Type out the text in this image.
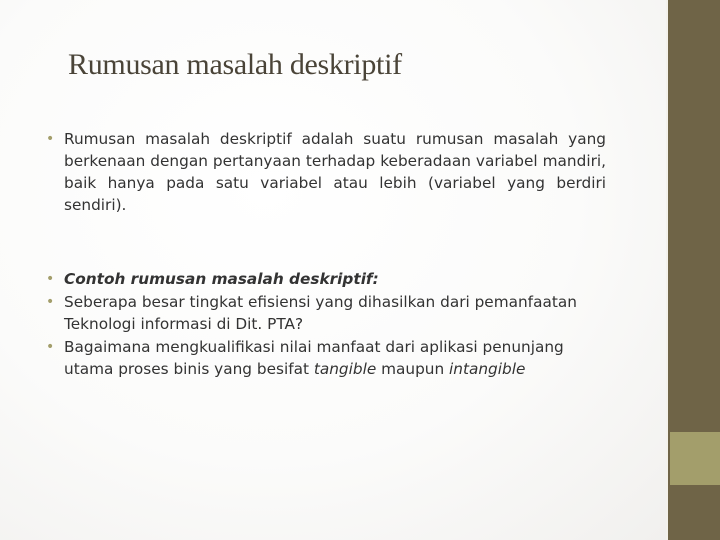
Rumusan masalah deskriptif

• Rumusan masalah deskriptif adalah suatu rumusan masalah yang berkenaan dengan pertanyaan terhadap keberadaan variabel mandiri, baik hanya pada satu variabel atau lebih (variabel yang berdiri sendiri).

• Contoh rumusan masalah deskriptif:

• Seberapa besar tingkat efisiensi yang dihasilkan dari pemanfaatan Teknologi informasi di Dit. PTA?

• Bagaimana mengkualifikasi nilai manfaat dari aplikasi penunjang utama proses binis yang besifat tangible maupun intangible
